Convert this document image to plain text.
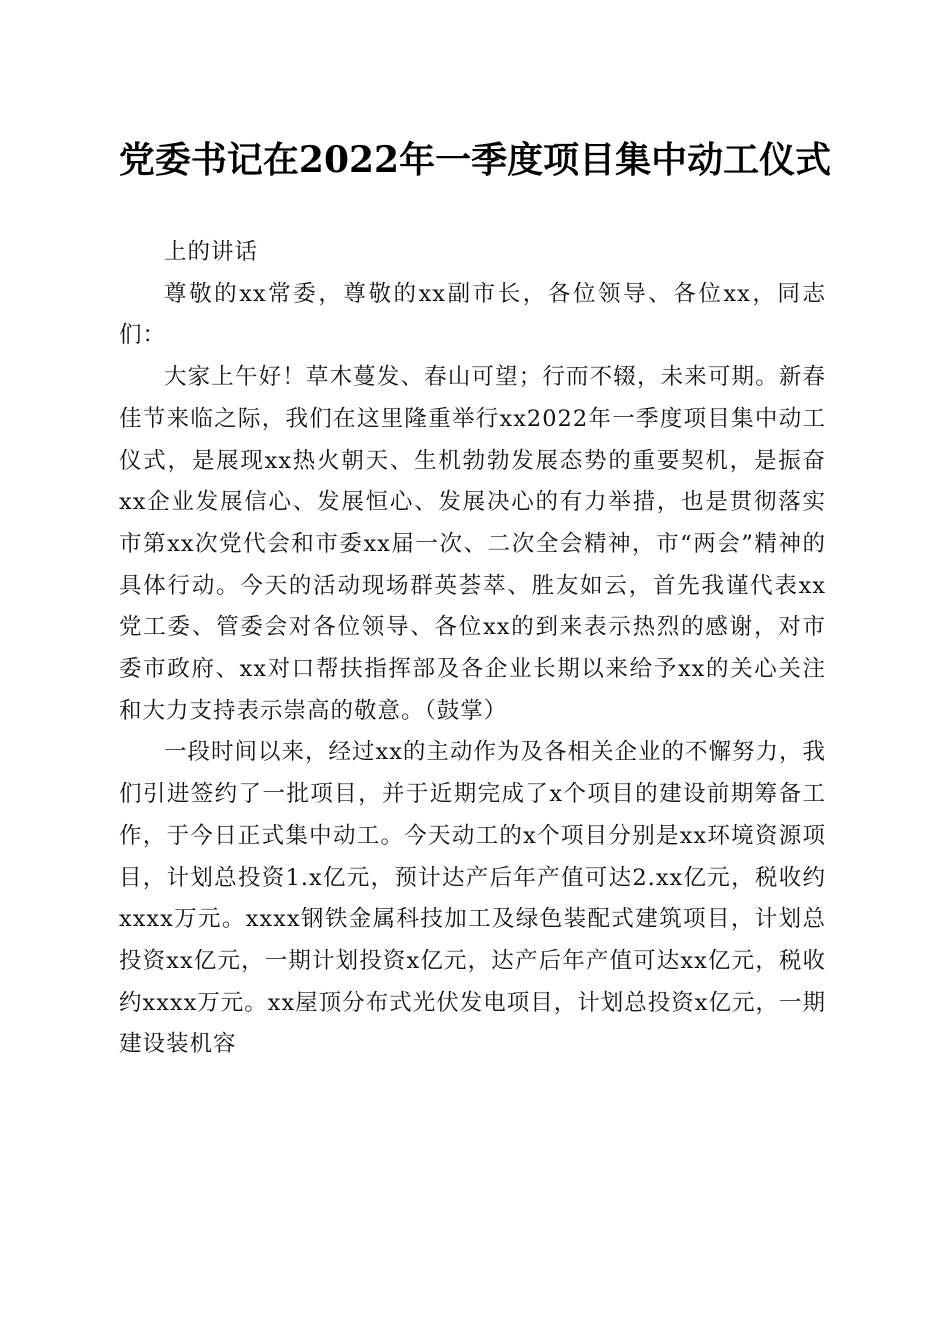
党委书记在2022年一季度项目集中动工仪式

上的讲话

尊敬的xx常委，尊敬的xx副市长，各位领导、各位xx，同志们：

大家上午好！草木蔓发、春山可望；行而不辍，未来可期。新春佳节来临之际，我们在这里隆重举行xx2022年一季度项目集中动工仪式，是展现xx热火朝天、生机勃勃发展态势的重要契机，是振奋xx企业发展信心、发展恒心、发展决心的有力举措，也是贯彻落实市第xx次党代会和市委xx届一次、二次全会精神，市“两会”精神的具体行动。今天的活动现场群英荟萃、胜友如云，首先我谨代表xx党工委、管委会对各位领导、各位xx的到来表示热烈的感谢，对市委市政府、xx对口帮扶指挥部及各企业长期以来给予xx的关心关注和大力支持表示崇高的敬意。（鼓掌）

一段时间以来，经过xx的主动作为及各相关企业的不懈努力，我们引进签约了一批项目，并于近期完成了x个项目的建设前期筹备工作，于今日正式集中动工。今天动工的x个项目分别是xx环境资源项目，计划总投资1.x亿元，预计达产后年产值可达2.xx亿元，税收约xxxx万元。xxxx钢铁金属科技加工及绿色装配式建筑项目，计划总投资xx亿元，一期计划投资x亿元，达产后年产值可达xx亿元，税收约xxxx万元。xx屋顶分布式光伏发电项目，计划总投资x亿元，一期建设装机容
